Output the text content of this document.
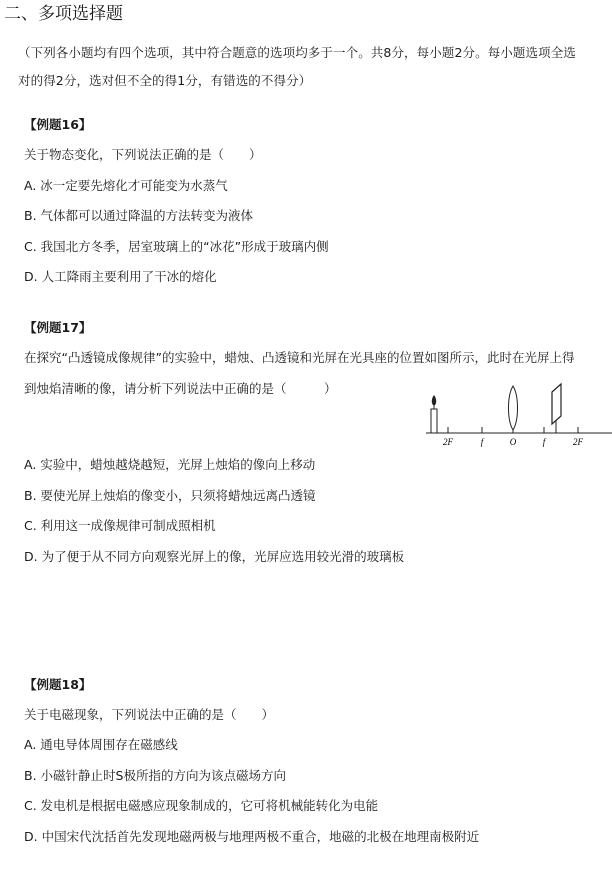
二、多项选择题
（下列各小题均有四个选项，其中符合题意的选项均多于一个。共8分，每小题2分。每小题选项全选
对的得2分，选对但不全的得1分，有错选的不得分）
【例题16】
关于物态变化，下列说法正确的是（　　）
A. 冰一定要先熔化才可能变为水蒸气
B. 气体都可以通过降温的方法转变为液体
C. 我国北方冬季，居室玻璃上的“冰花”形成于玻璃内侧
D. 人工降雨主要利用了干冰的熔化
【例题17】
在探究“凸透镜成像规律”的实验中，蜡烛、凸透镜和光屏在光具座的位置如图所示，此时在光屏上得
到烛焰清晰的像，请分析下列说法中正确的是（　　　）
2F	f	O	f	2F
A. 实验中，蜡烛越烧越短，光屏上烛焰的像向上移动
B. 要使光屏上烛焰的像变小，只须将蜡烛远离凸透镜
C. 利用这一成像规律可制成照相机
D. 为了便于从不同方向观察光屏上的像，光屏应选用较光滑的玻璃板
【例题18】
关于电磁现象，下列说法中正确的是（　　）
A. 通电导体周围存在磁感线
B. 小磁针静止时S极所指的方向为该点磁场方向
C. 发电机是根据电磁感应现象制成的，它可将机械能转化为电能
D. 中国宋代沈括首先发现地磁两极与地理两极不重合，地磁的北极在地理南极附近
